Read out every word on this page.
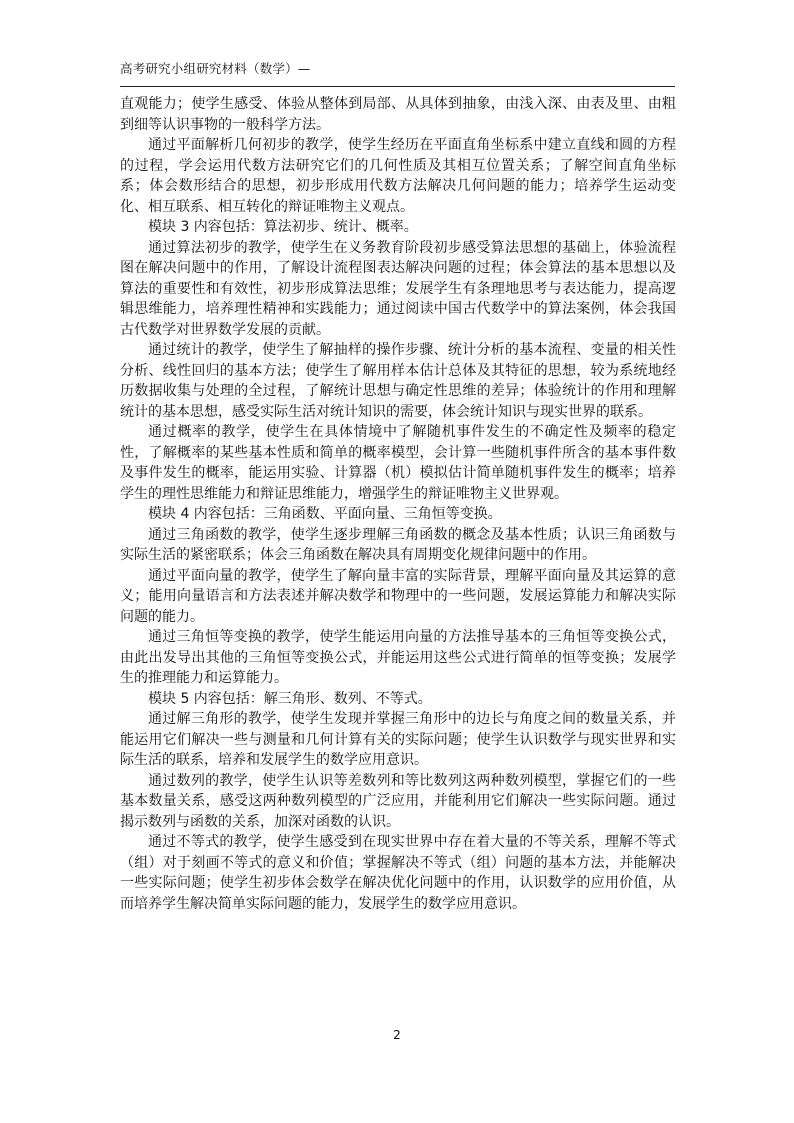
高考研究小组研究材料（数学）—

直观能力；使学生感受、体验从整体到局部、从具体到抽象，由浅入深、由表及里、由粗到细等认识事物的一般科学方法。

通过平面解析几何初步的教学，使学生经历在平面直角坐标系中建立直线和圆的方程的过程，学会运用代数方法研究它们的几何性质及其相互位置关系；了解空间直角坐标系；体会数形结合的思想，初步形成用代数方法解决几何问题的能力；培养学生运动变化、相互联系、相互转化的辩证唯物主义观点。

模块 3 内容包括：算法初步、统计、概率。

通过算法初步的教学，使学生在义务教育阶段初步感受算法思想的基础上，体验流程图在解决问题中的作用，了解设计流程图表达解决问题的过程；体会算法的基本思想以及算法的重要性和有效性，初步形成算法思维；发展学生有条理地思考与表达能力，提高逻辑思维能力，培养理性精神和实践能力；通过阅读中国古代数学中的算法案例，体会我国古代数学对世界数学发展的贡献。

通过统计的教学，使学生了解抽样的操作步骤、统计分析的基本流程、变量的相关性分析、线性回归的基本方法；使学生了解用样本估计总体及其特征的思想，较为系统地经历数据收集与处理的全过程，了解统计思想与确定性思维的差异；体验统计的作用和理解统计的基本思想，感受实际生活对统计知识的需要，体会统计知识与现实世界的联系。

通过概率的教学，使学生在具体情境中了解随机事件发生的不确定性及频率的稳定性，了解概率的某些基本性质和简单的概率模型，会计算一些随机事件所含的基本事件数及事件发生的概率，能运用实验、计算器（机）模拟估计简单随机事件发生的概率；培养学生的理性思维能力和辩证思维能力，增强学生的辩证唯物主义世界观。

模块 4 内容包括：三角函数、平面向量、三角恒等变换。

通过三角函数的教学，使学生逐步理解三角函数的概念及基本性质；认识三角函数与实际生活的紧密联系；体会三角函数在解决具有周期变化规律问题中的作用。

通过平面向量的教学，使学生了解向量丰富的实际背景，理解平面向量及其运算的意义；能用向量语言和方法表述并解决数学和物理中的一些问题，发展运算能力和解决实际问题的能力。

通过三角恒等变换的教学，使学生能运用向量的方法推导基本的三角恒等变换公式，由此出发导出其他的三角恒等变换公式，并能运用这些公式进行简单的恒等变换；发展学生的推理能力和运算能力。

模块 5 内容包括：解三角形、数列、不等式。

通过解三角形的教学，使学生发现并掌握三角形中的边长与角度之间的数量关系，并能运用它们解决一些与测量和几何计算有关的实际问题；使学生认识数学与现实世界和实际生活的联系，培养和发展学生的数学应用意识。

通过数列的教学，使学生认识等差数列和等比数列这两种数列模型，掌握它们的一些基本数量关系，感受这两种数列模型的广泛应用，并能利用它们解决一些实际问题。通过揭示数列与函数的关系，加深对函数的认识。

通过不等式的教学，使学生感受到在现实世界中存在着大量的不等关系，理解不等式（组）对于刻画不等式的意义和价值；掌握解决不等式（组）问题的基本方法，并能解决一些实际问题；使学生初步体会数学在解决优化问题中的作用，认识数学的应用价值，从而培养学生解决简单实际问题的能力，发展学生的数学应用意识。

2
